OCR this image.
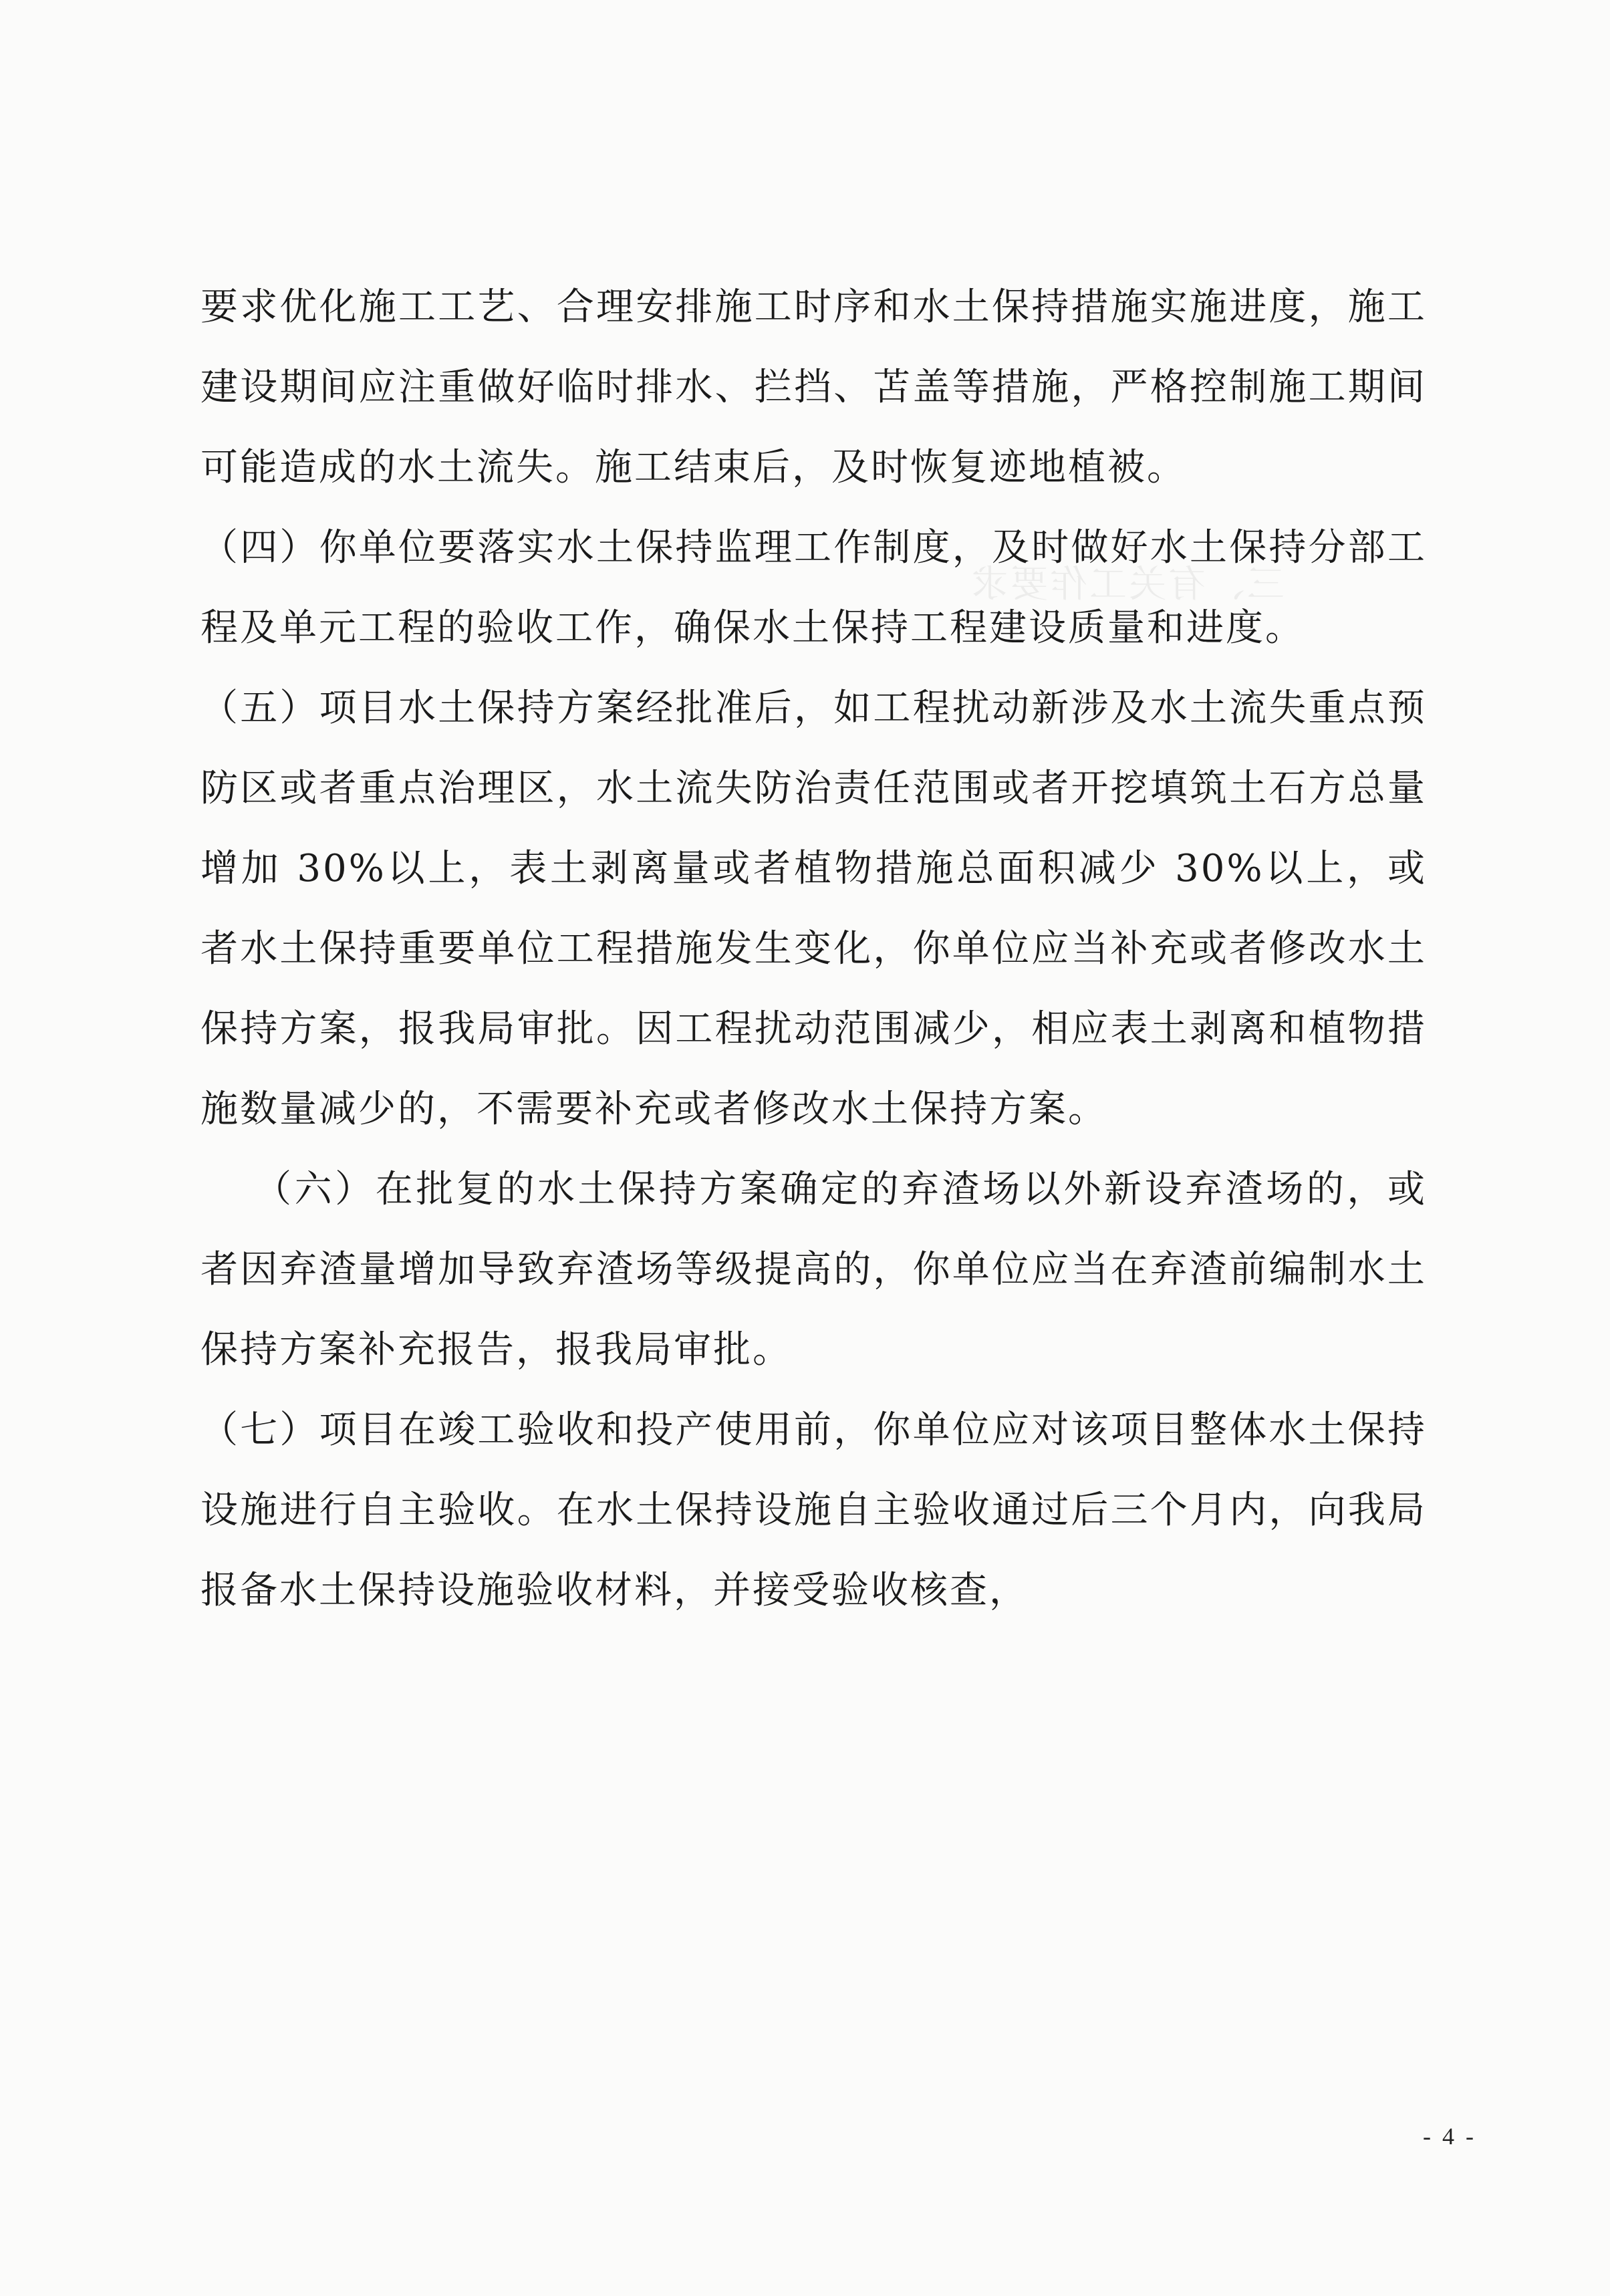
三、有关工作要求

要求优化施工工艺、合理安排施工时序和水土保持措施实施进度，施工建设期间应注重做好临时排水、拦挡、苫盖等措施，严格控制施工期间可能造成的水土流失。施工结束后，及时恢复迹地植被。

（四）你单位要落实水土保持监理工作制度，及时做好水土保持分部工程及单元工程的验收工作，确保水土保持工程建设质量和进度。

（五）项目水土保持方案经批准后，如工程扰动新涉及水土流失重点预防区或者重点治理区，水土流失防治责任范围或者开挖填筑土石方总量增加 30%以上，表土剥离量或者植物措施总面积减少 30%以上，或者水土保持重要单位工程措施发生变化，你单位应当补充或者修改水土保持方案，报我局审批。因工程扰动范围减少，相应表土剥离和植物措施数量减少的，不需要补充或者修改水土保持方案。

（六）在批复的水土保持方案确定的弃渣场以外新设弃渣场的，或者因弃渣量增加导致弃渣场等级提高的，你单位应当在弃渣前编制水土保持方案补充报告，报我局审批。

（七）项目在竣工验收和投产使用前，你单位应对该项目整体水土保持设施进行自主验收。在水土保持设施自主验收通过后三个月内，向我局报备水土保持设施验收材料，并接受验收核查，

- 4 -
